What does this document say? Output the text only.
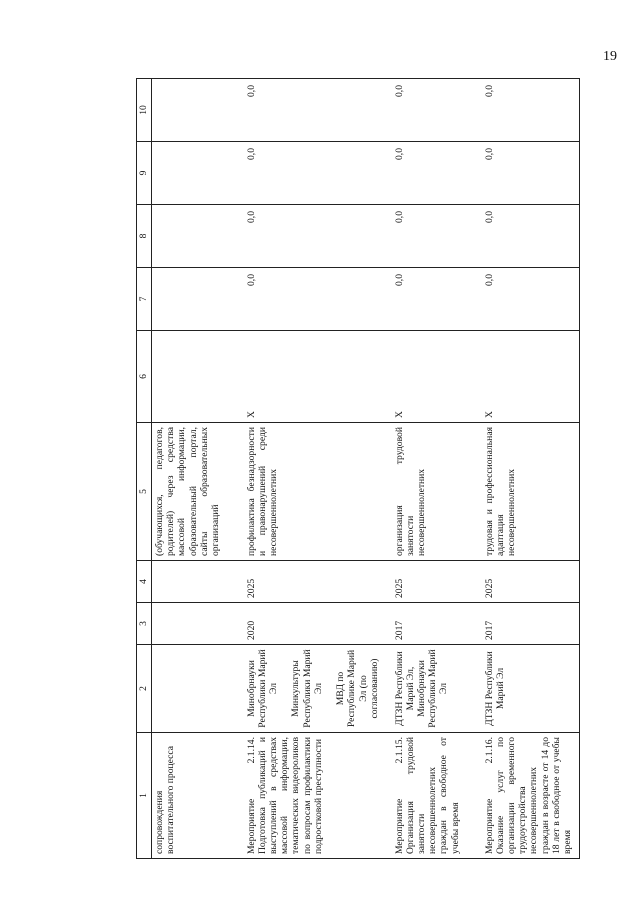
19
1	2	3	4	5	6	7	8	9	10
сопровождения воспитательного процесса				(обучающихся, педагогов, родителей) через средства массовой информации, образовательный портал, сайты образовательных организаций					
Мероприятие 2.1.14. Подготовка публикаций и выступлений в средствах массовой информации, тематических видеороликов по вопросам профилактики подростковой преступности	Минобрнауки Республики Марий Эл

Минкультуры Республики Марий Эл

МВД по Республике Марий Эл (по согласованию)	2020	2025	профилактика безнадзорности и правонарушений среди несовершеннолетних	X	0,0	0,0	0,0	0,0
Мероприятие 2.1.15. Организация трудовой занятости несовершеннолетних граждан в свободное от учебы время	ДТЗН Республики Марий Эл, Минобрнауки Республики Марий Эл	2017	2025	организация трудовой занятости несовершеннолетних	X	0,0	0,0	0,0	0,0
Мероприятие 2.1.16. Оказание услуг по организации временного трудоустройства несовершеннолетних граждан в возрасте от 14 до 18 лет в свободное от учебы время	ДТЗН Республики Марий Эл	2017	2025	трудовая и профессиональная адаптация несовершеннолетних	X	0,0	0,0	0,0	0,0
